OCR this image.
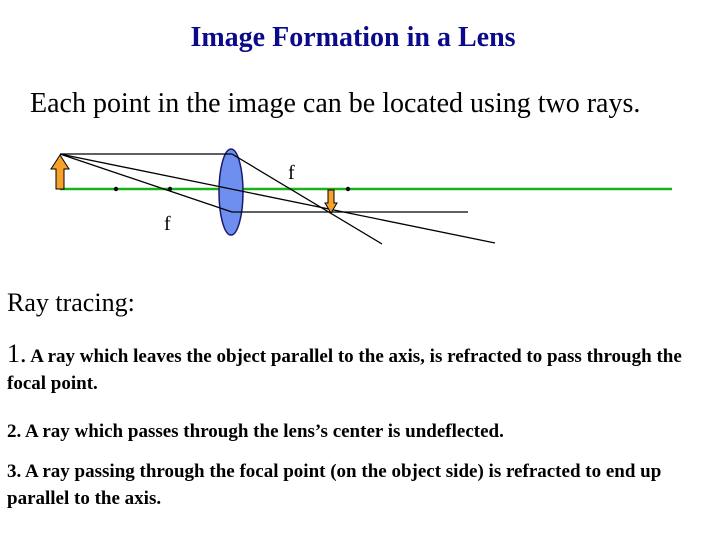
Image Formation in a Lens
Each point in the image can be located using two rays.
f
f
Ray tracing:
1. A ray which leaves the object parallel to the axis, is refracted to pass through the focal point.
2. A ray which passes through the lens’s center is undeflected.
3. A ray passing through the focal point (on the object side) is refracted to end up parallel to the axis.
